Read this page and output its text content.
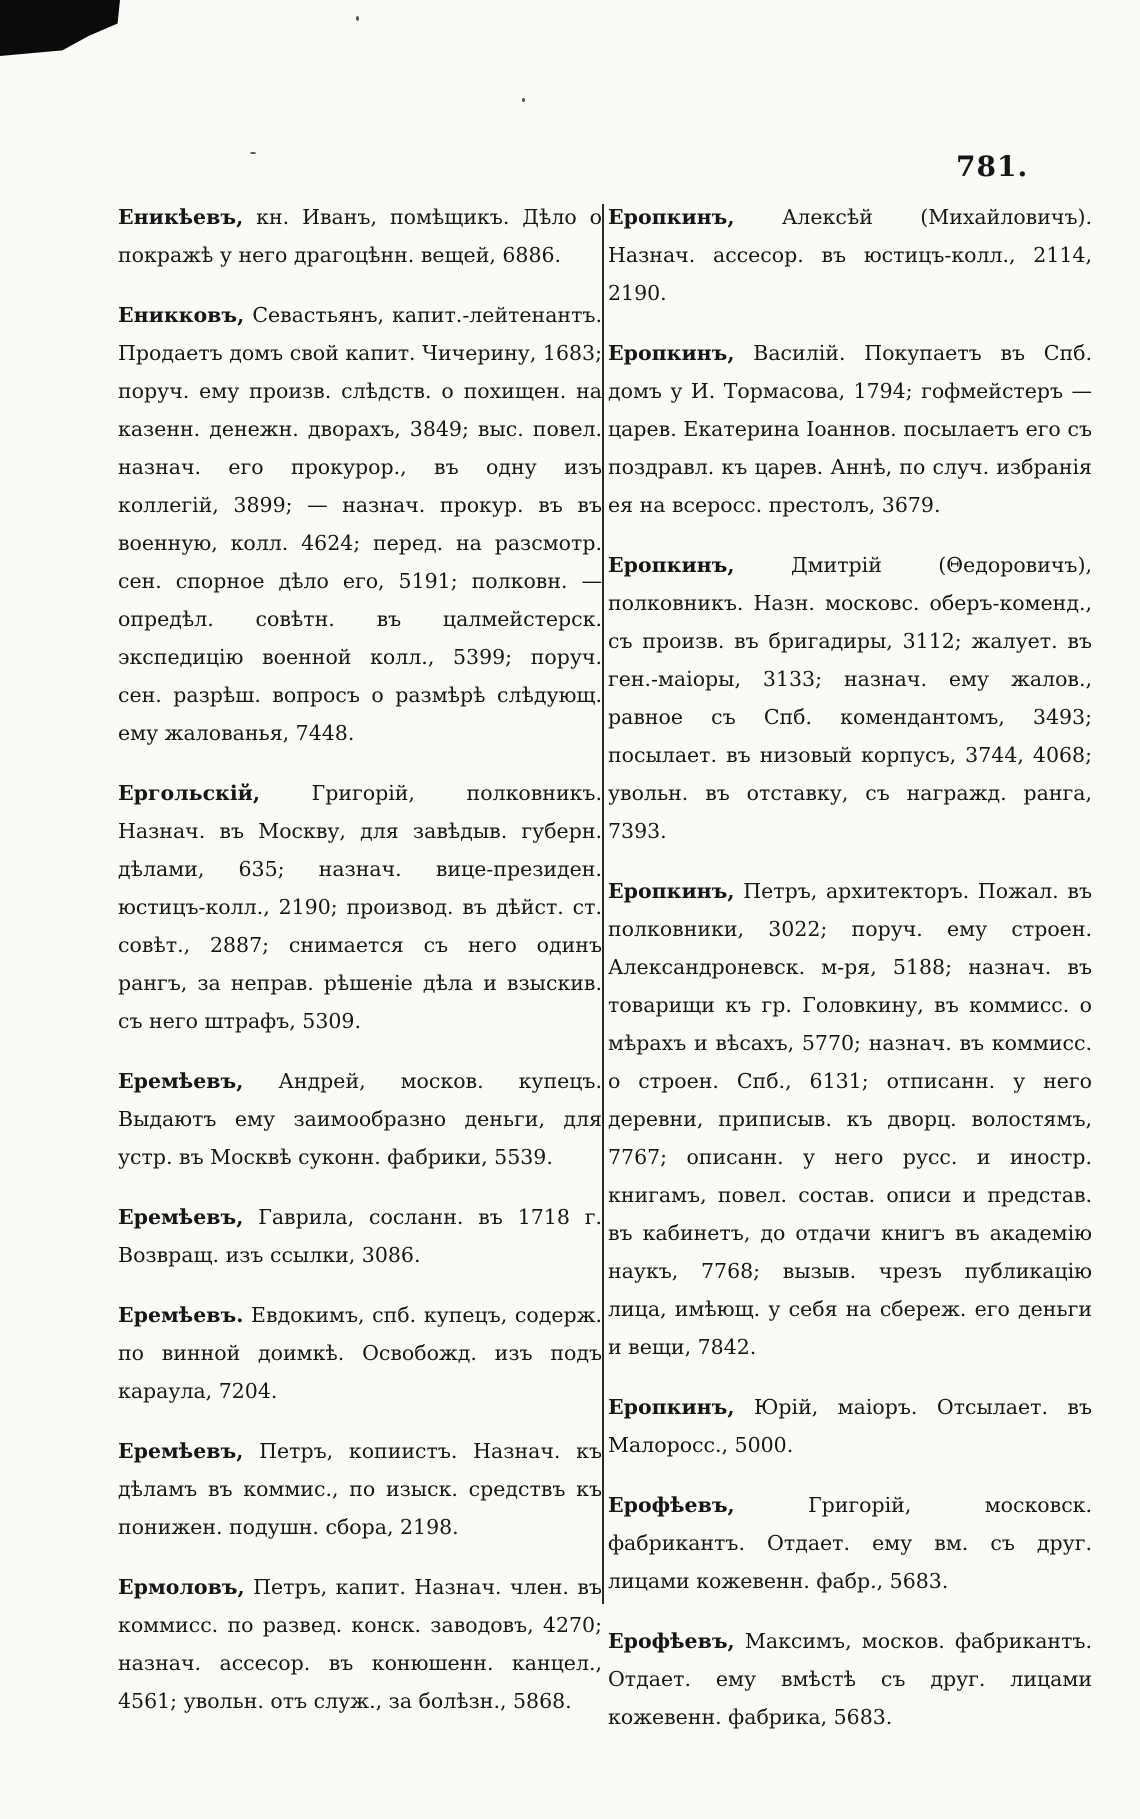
781.

Еникѣевъ, кн. Иванъ, помѣщикъ. Дѣло о покражѣ у него драгоцѣнн. вещей, 6886.

Еникковъ, Севастьянъ, капит.-лейтенантъ. Продаетъ домъ свой капит. Чичерину, 1683; поруч. ему произв. слѣдств. о похищен. на казенн. денежн. дворахъ, 3849; выс. повел. назнач. его прокурор., въ одну изъ коллегій, 3899; — назнач. прокур. въ въ военную, колл. 4624; перед. на разсмотр. сен. спорное дѣло его, 5191; полковн. — опредѣл. совѣтн. въ цалмейстерск. экспедицію военной колл., 5399; поруч. сен. разрѣш. вопросъ о размѣрѣ слѣдующ. ему жалованья, 7448.

Ергольскій,	Григорій, полковникъ. Назнач. въ Москву, для завѣдыв. губерн. дѣлами, 635; назнач. вице-президен. юстицъ-колл., 2190; производ. въ дѣйст. ст. совѣт., 2887; снимается съ него одинъ рангъ, за неправ. рѣшеніе дѣла и взыскив. съ него штрафъ, 5309.

Еремѣевъ, Андрей, москов. купецъ. Выдаютъ ему заимообразно деньги, для устр. въ Москвѣ суконн. фабрики, 5539.

Еремѣевъ, Гаврила, сосланн. въ 1718 г. Возвращ. изъ ссылки, 3086.

Еремѣевъ. Евдокимъ, спб. купецъ, содерж. по винной доимкѣ. Освобожд. изъ подъ караула, 7204.

Еремѣевъ, Петръ, копиистъ. Назнач. къ дѣламъ въ коммис., по изыск. средствъ къ понижен. подушн. сбора, 2198.

Ермоловъ, Петръ, капит. Назнач. член. въ коммисс. по развед. конск. заводовъ, 4270; назнач. ассесор. въ конюшенн. канцел., 4561; увольн. отъ служ., за болѣзн., 5868.

Еропкинъ, Алексѣй (Михайловичъ). Назнач. ассесор. въ юстицъ-колл., 2114, 2190.

Еропкинъ, Василій. Покупаетъ въ Спб. домъ у И. Тормасова, 1794; гофмейстеръ — царев. Екатерина Іоаннов. посылаетъ его съ поздравл. къ царев. Аннѣ, по случ. избранія ея на всеросс. престолъ, 3679.

Еропкинъ,	Дмитрій (Θедоровичъ), полковникъ. Назн. московс. оберъ-коменд., съ произв. въ бригадиры, 3112; жалует. въ ген.-маіоры, 3133; назнач. ему жалов., равное съ Спб. комендантомъ, 3493; посылает. въ низовый корпусъ, 3744, 4068; увольн. въ отставку, съ награжд. ранга, 7393.

Еропкинъ, Петръ, архитекторъ. Пожал. въ полковники, 3022; поруч. ему строен. Александроневск. м-ря, 5188; назнач. въ товарищи къ гр. Головкину, въ коммисс. о мѣрахъ и вѣсахъ, 5770; назнач. въ коммисс. о строен. Спб., 6131; отписанн. у него деревни, приписыв. къ дворц. волостямъ, 7767; описанн. у него русс. и иностр. книгамъ, повел. состав. описи и представ. въ кабинетъ, до отдачи книгъ въ академію наукъ, 7768; вызыв. чрезъ публикацію лица, имѣющ. у себя на сбереж. его деньги и вещи, 7842.

Еропкинъ, Юрій, маіоръ. Отсылает. въ Малоросс., 5000.

Ерофѣевъ,	Григорій, московск. фабрикантъ. Отдает. ему вм. съ друг. лицами кожевенн. фабр., 5683.

Ерофѣевъ, Максимъ, москов. фабрикантъ. Отдает. ему вмѣстѣ съ друг. лицами кожевенн. фабрика, 5683.
